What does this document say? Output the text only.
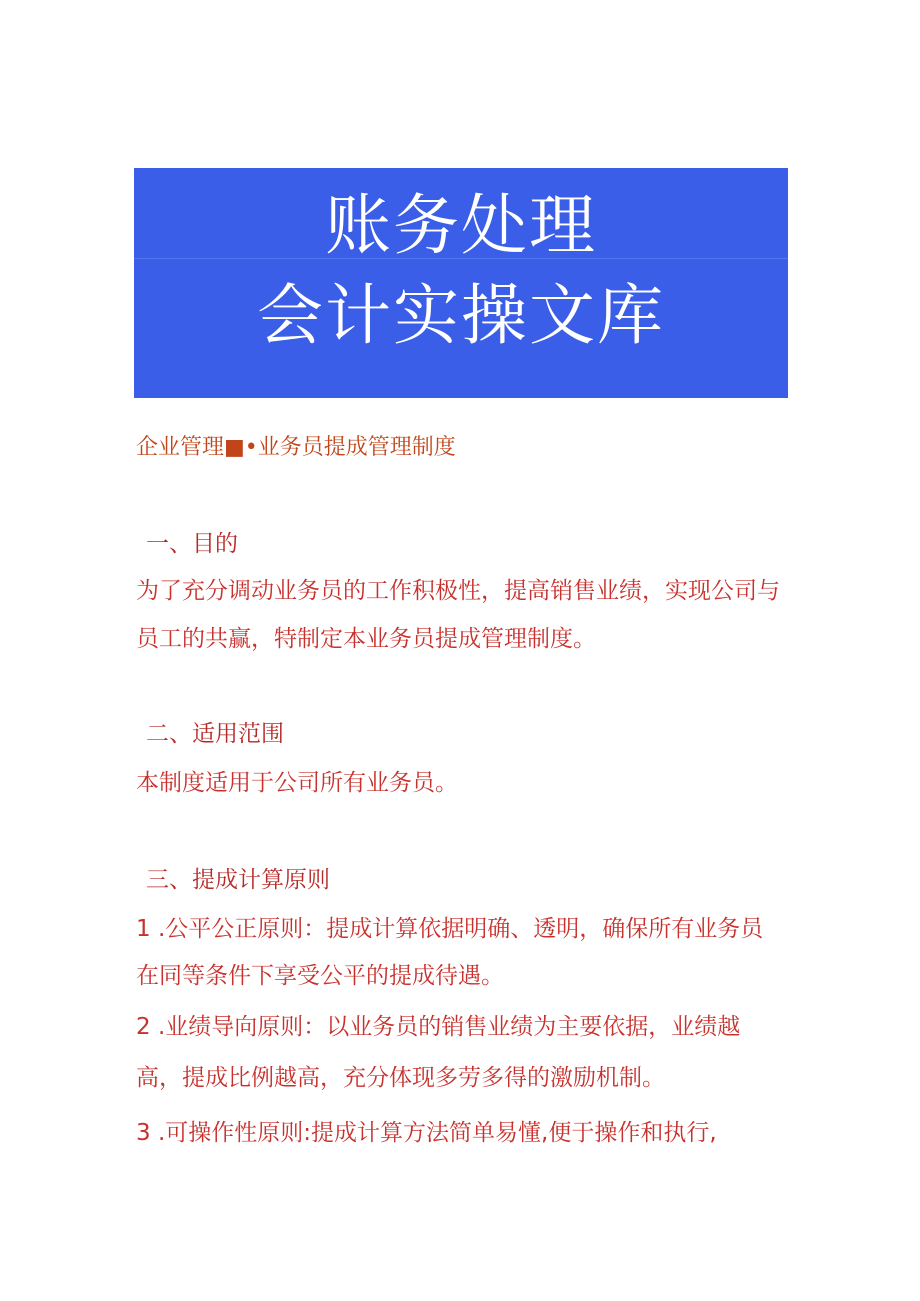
账务处理
会计实操文库
企业管理■•业务员提成管理制度
一、目的
为了充分调动业务员的工作积极性，提高销售业绩，实现公司与
员工的共赢，特制定本业务员提成管理制度。
二、适用范围
本制度适用于公司所有业务员。
三、提成计算原则
1 .公平公正原则：提成计算依据明确、透明，确保所有业务员
在同等条件下享受公平的提成待遇。
2 .业绩导向原则：以业务员的销售业绩为主要依据，业绩越
高，提成比例越高，充分体现多劳多得的激励机制。
3 .可操作性原则:提成计算方法简单易懂,便于操作和执行,
